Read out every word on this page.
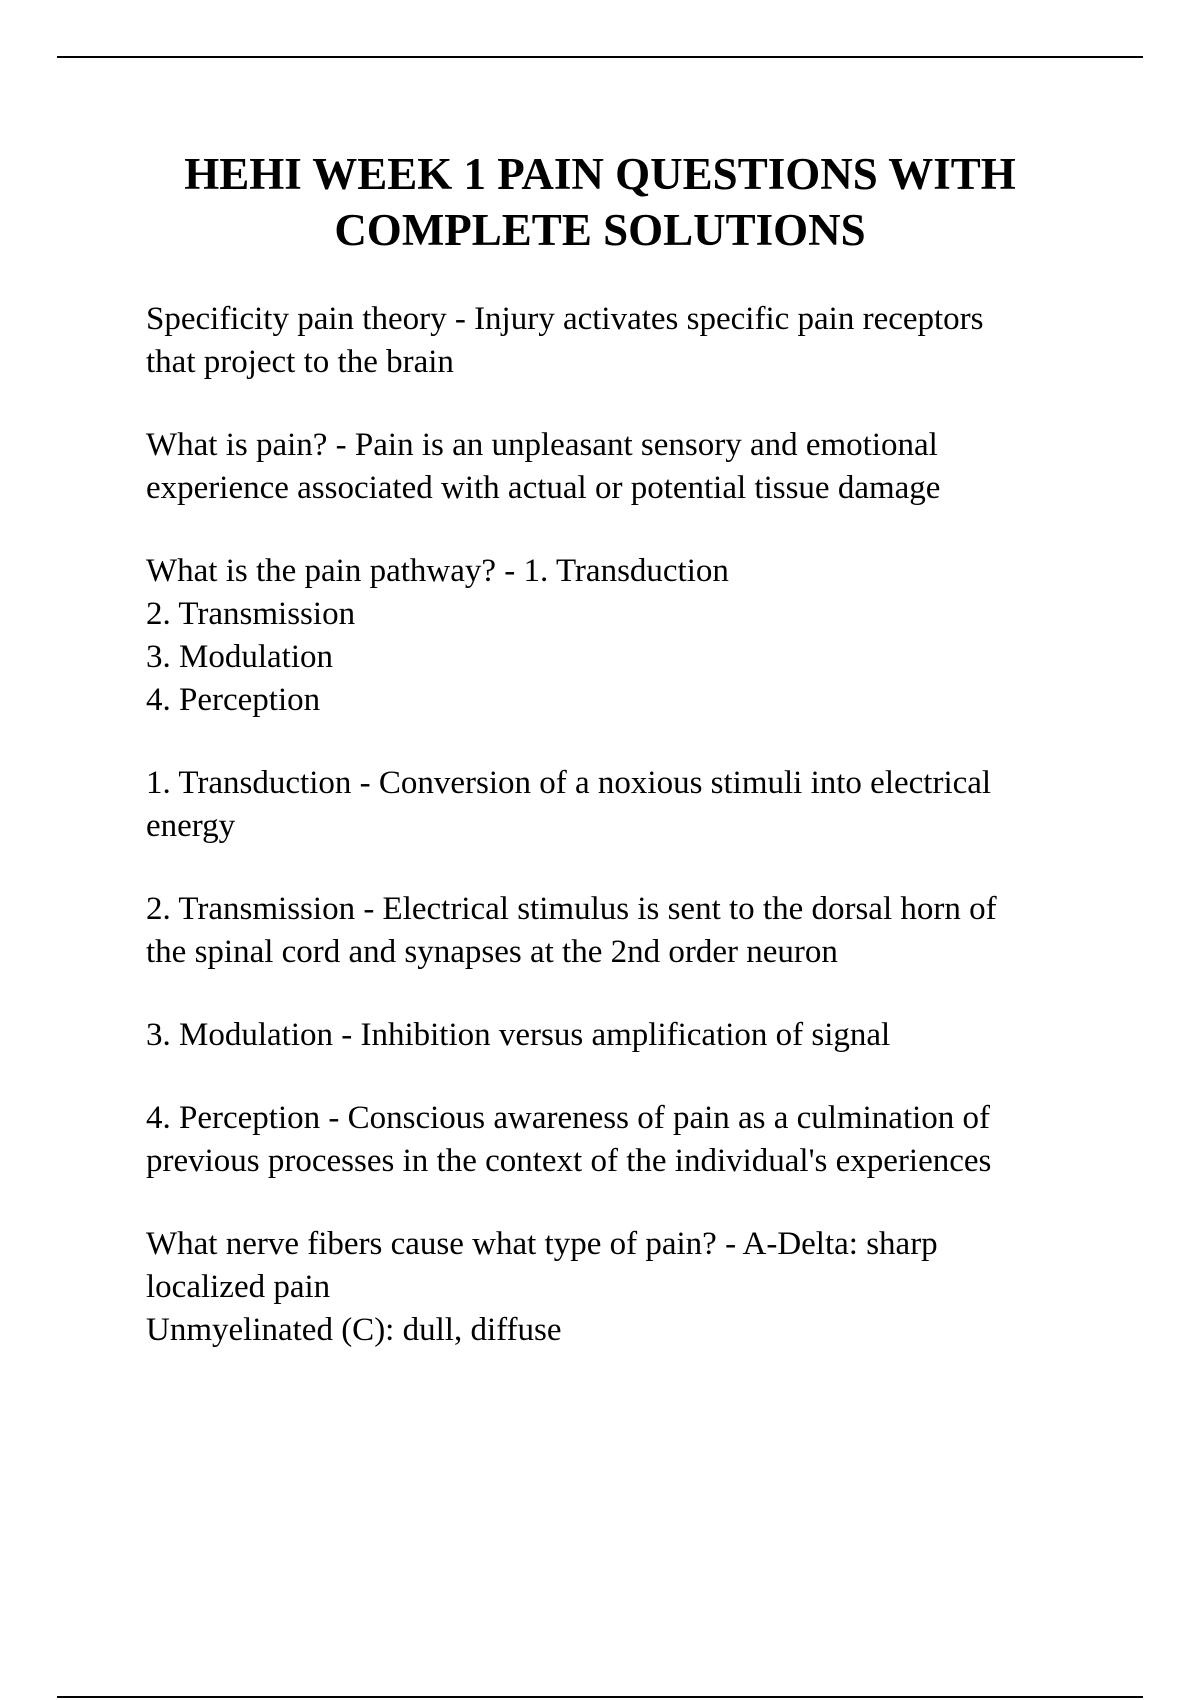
HEHI WEEK 1 PAIN QUESTIONS WITH
COMPLETE SOLUTIONS

Specificity pain theory - Injury activates specific pain receptors
that project to the brain

What is pain? - Pain is an unpleasant sensory and emotional
experience associated with actual or potential tissue damage

What is the pain pathway? - 1. Transduction
2. Transmission
3. Modulation
4. Perception

1. Transduction - Conversion of a noxious stimuli into electrical
energy

2. Transmission - Electrical stimulus is sent to the dorsal horn of
the spinal cord and synapses at the 2nd order neuron

3. Modulation - Inhibition versus amplification of signal

4. Perception - Conscious awareness of pain as a culmination of
previous processes in the context of the individual's experiences

What nerve fibers cause what type of pain? - A-Delta: sharp
localized pain
Unmyelinated (C): dull, diffuse
